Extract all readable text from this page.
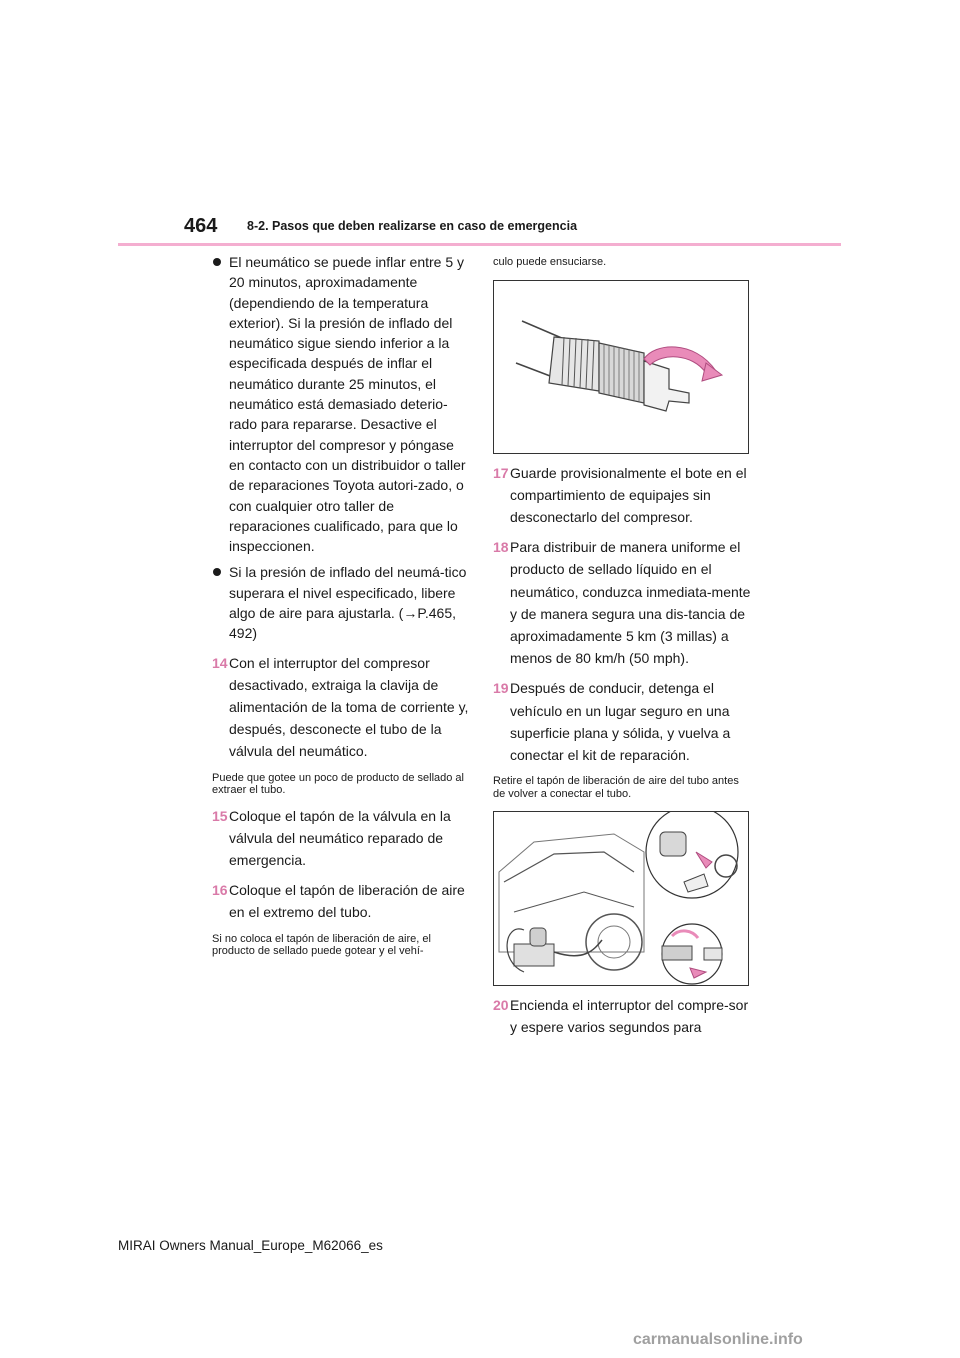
464 8-2. Pasos que deben realizarse en caso de emergencia
El neumático se puede inflar entre 5 y 20 minutos, aproximadamente (dependiendo de la temperatura exterior). Si la presión de inflado del neumático sigue siendo inferior a la especificada después de inflar el neumático durante 25 minutos, el neumático está demasiado deterio-rado para repararse. Desactive el interruptor del compresor y póngase en contacto con un distribuidor o taller de reparaciones Toyota autori-zado, o con cualquier otro taller de reparaciones cualificado, para que lo inspeccionen.
Si la presión de inflado del neumá-tico superara el nivel especificado, libere algo de aire para ajustarla. (→P.465, 492)
14 Con el interruptor del compresor desactivado, extraiga la clavija de alimentación de la toma de corriente y, después, desconecte el tubo de la válvula del neumático.

Puede que gotee un poco de producto de sellado al extraer el tubo.

15 Coloque el tapón de la válvula en la válvula del neumático reparado de emergencia.
16 Coloque el tapón de liberación de aire en el extremo del tubo.

Si no coloca el tapón de liberación de aire, el producto de sellado puede gotear y el vehí-

culo puede ensuciarse.

17 Guarde provisionalmente el bote en el compartimiento de equipajes sin desconectarlo del compresor.
18 Para distribuir de manera uniforme el producto de sellado líquido en el neumático, conduzca inmediata-mente y de manera segura una dis-tancia de aproximadamente 5 km (3 millas) a menos de 80 km/h (50 mph).
19 Después de conducir, detenga el vehículo en un lugar seguro en una superficie plana y sólida, y vuelva a conectar el kit de reparación.

Retire el tapón de liberación de aire del tubo antes de volver a conectar el tubo.

20 Encienda el interruptor del compre-sor y espere varios segundos para
MIRAI Owners Manual_Europe_M62066_es
carmanualsonline.info
